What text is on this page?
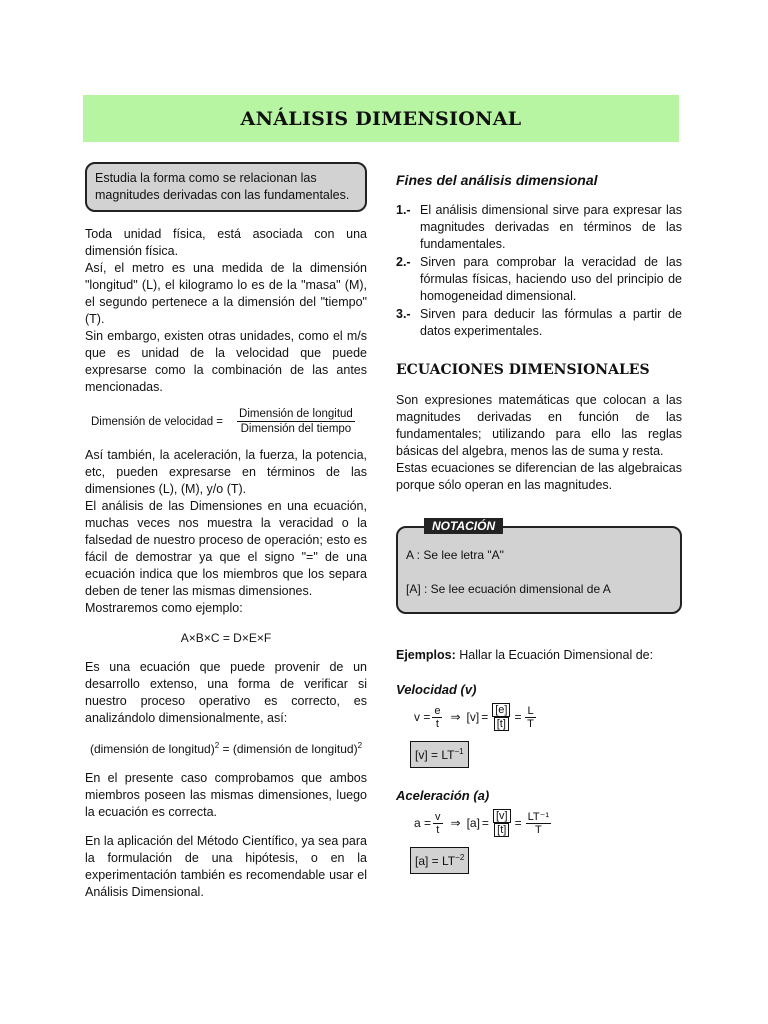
ANÁLISIS DIMENSIONAL
Estudia la forma como se relacionan las magnitudes derivadas con las fundamentales.

Toda unidad física, está asociada con una dimensión física.

Así, el metro es una medida de la dimensión "longitud" (L), el kilogramo lo es de la "masa" (M), el segundo pertenece a la dimensión del "tiempo" (T).

Sin embargo, existen otras unidades, como el m/s que es unidad de la velocidad que puede expresarse como la combinación de las antes mencionadas.

Dimensión de velocidad = $\frac{\text{Dimensión de longitud}}{\text{Dimensión del tiempo}}$

Así también, la aceleración, la fuerza, la potencia, etc, pueden expresarse en términos de las dimensiones (L), (M), y/o (T).

El análisis de las Dimensiones en una ecuación, muchas veces nos muestra la veracidad o la falsedad de nuestro proceso de operación; esto es fácil de demostrar ya que el signo "=" de una ecuación indica que los miembros que los separa deben de tener las mismas dimensiones.

Mostraremos como ejemplo:

A×B×C = D×E×F

Es una ecuación que puede provenir de un desarrollo extenso, una forma de verificar si nuestro proceso operativo es correcto, es analizándolo dimensionalmente, así:

(dimensión de longitud)$^2$ = (dimensión de longitud)$^2$

En el presente caso comprobamos que ambos miembros poseen las mismas dimensiones, luego la ecuación es correcta.

En la aplicación del Método Científico, ya sea para la formulación de una hipótesis, o en la experimentación también es recomendable usar el Análisis Dimensional.

Fines del análisis dimensional
1.- El análisis dimensional sirve para expresar las magnitudes derivadas en términos de las fundamentales.
2.- Sirven para comprobar la veracidad de las fórmulas físicas, haciendo uso del principio de homogeneidad dimensional.
3.- Sirven para deducir las fórmulas a partir de datos experimentales.
ECUACIONES DIMENSIONALES

Son expresiones matemáticas que colocan a las magnitudes derivadas en función de las fundamentales; utilizando para ello las reglas básicas del algebra, menos las de suma y resta.

Estas ecuaciones se diferencian de las algebraicas porque sólo operan en las magnitudes.

NOTACIÓN
A : Se lee letra "A"
[A] : Se lee ecuación dimensional de A
Ejemplos: Hallar la Ecuación Dimensional de:
Velocidad (v)
$v = \frac{e}{t}$ ⇒ $[v] = \frac{[e]}{[t]} = \frac{L}{T}$
$[v] = LT^{-1}$
Aceleración (a)
$a = \frac{v}{t}$ ⇒ $[a] = \frac{[v]}{[t]} = \frac{\text{LT⁻¹}}{T}$
$[a] = LT^{-2}$
